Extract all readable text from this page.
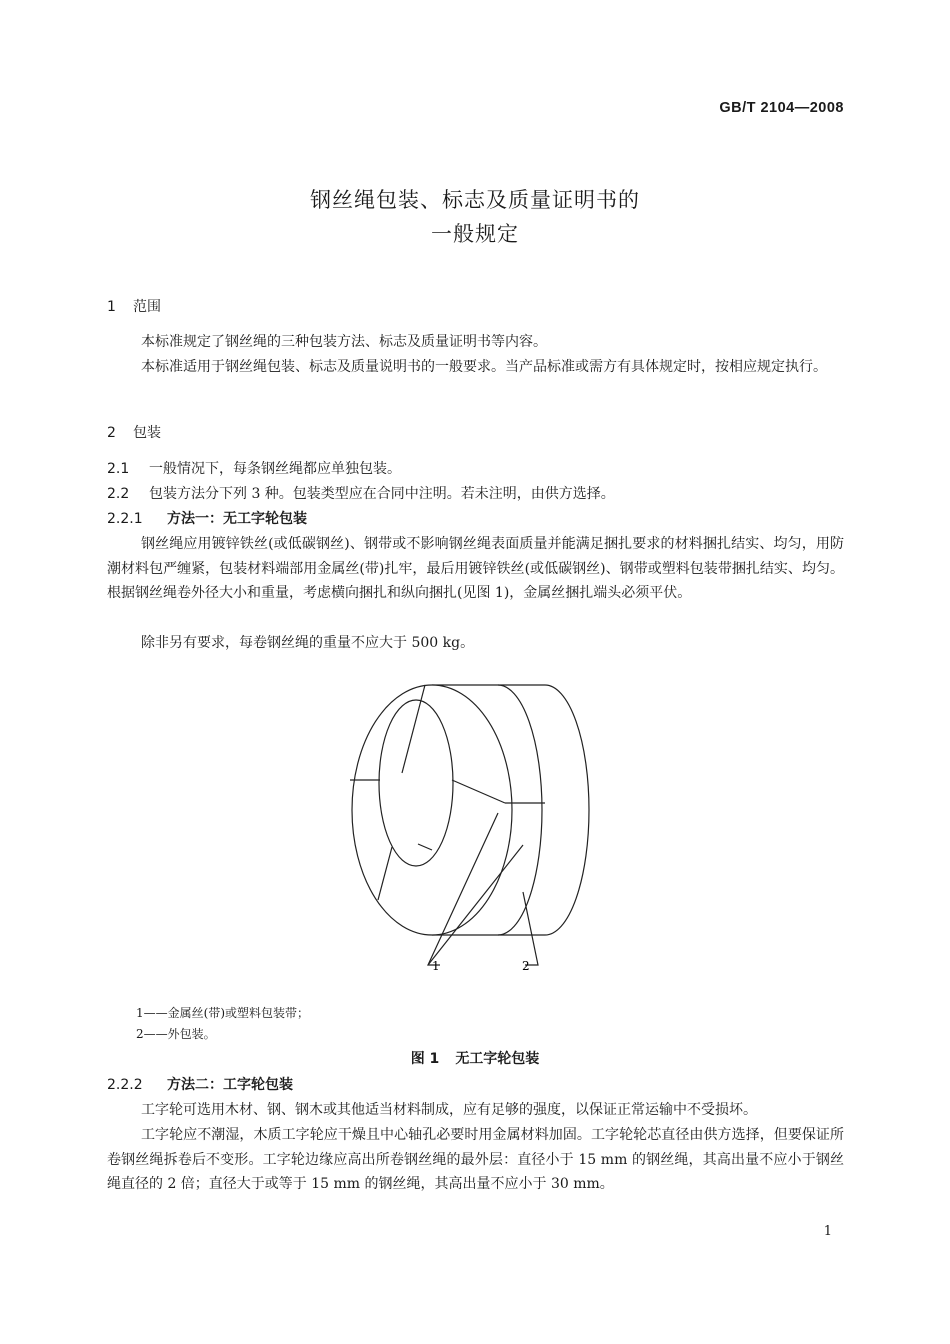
GB/T 2104—2008
钢丝绳包装、标志及质量证明书的
一般规定
1 范围
本标准规定了钢丝绳的三种包装方法、标志及质量证明书等内容。
本标准适用于钢丝绳包装、标志及质量说明书的一般要求。当产品标准或需方有具体规定时，按相应规定执行。
2 包装
2.1 一般情况下，每条钢丝绳都应单独包装。
2.2 包装方法分下列 3 种。包装类型应在合同中注明。若未注明，由供方选择。
2.2.1 方法一：无工字轮包装
钢丝绳应用镀锌铁丝(或低碳钢丝)、钢带或不影响钢丝绳表面质量并能满足捆扎要求的材料捆扎结实、均匀，用防潮材料包严缠紧，包装材料端部用金属丝(带)扎牢，最后用镀锌铁丝(或低碳钢丝)、钢带或塑料包装带捆扎结实、均匀。根据钢丝绳卷外径大小和重量，考虑横向捆扎和纵向捆扎(见图 1)，金属丝捆扎端头必须平伏。
除非另有要求，每卷钢丝绳的重量不应大于 500 kg。
1	2
1——金属丝(带)或塑料包装带；
2——外包装。
图 1 无工字轮包装
2.2.2 方法二：工字轮包装
工字轮可选用木材、钢、钢木或其他适当材料制成，应有足够的强度，以保证正常运输中不受损坏。
工字轮应不潮湿，木质工字轮应干燥且中心轴孔必要时用金属材料加固。工字轮轮芯直径由供方选择，但要保证所卷钢丝绳拆卷后不变形。工字轮边缘应高出所卷钢丝绳的最外层：直径小于 15 mm 的钢丝绳，其高出量不应小于钢丝绳直径的 2 倍；直径大于或等于 15 mm 的钢丝绳，其高出量不应小于 30 mm。
1
